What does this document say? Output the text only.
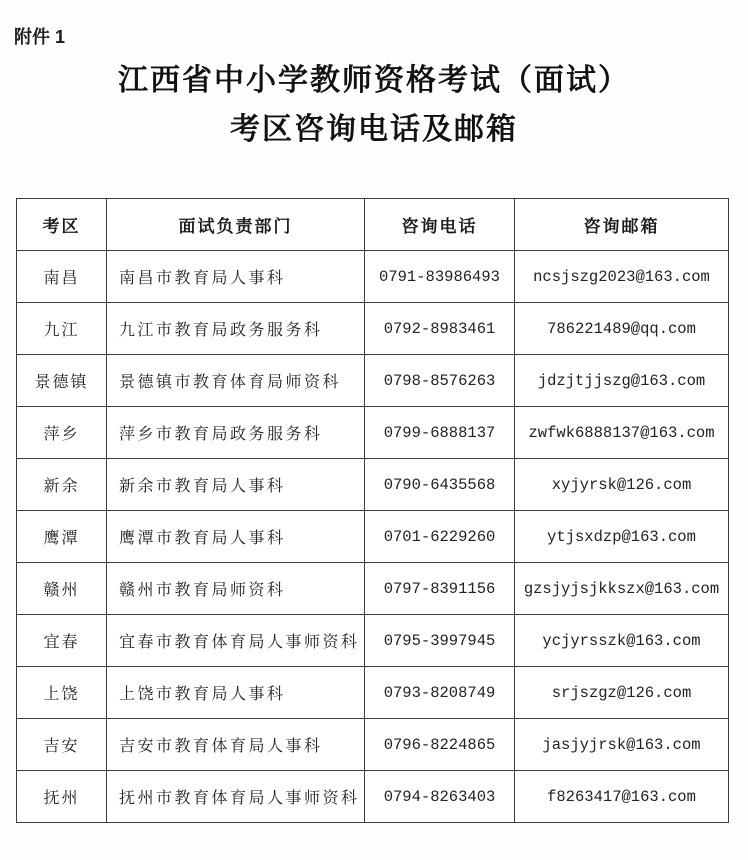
附件 1
江西省中小学教师资格考试（面试）
考区咨询电话及邮箱
考区	面试负责部门	咨询电话	咨询邮箱
南昌	南昌市教育局人事科	0791-83986493	ncsjszg2023@163.com
九江	九江市教育局政务服务科	0792-8983461	786221489@qq.com
景德镇	景德镇市教育体育局师资科	0798-8576263	jdzjtjjszg@163.com
萍乡	萍乡市教育局政务服务科	0799-6888137	zwfwk6888137@163.com
新余	新余市教育局人事科	0790-6435568	xyjyrsk@126.com
鹰潭	鹰潭市教育局人事科	0701-6229260	ytjsxdzp@163.com
赣州	赣州市教育局师资科	0797-8391156	gzsjyjsjkkszx@163.com
宜春	宜春市教育体育局人事师资科	0795-3997945	ycjyrsszk@163.com
上饶	上饶市教育局人事科	0793-8208749	srjszgz@126.com
吉安	吉安市教育体育局人事科	0796-8224865	jasjyjrsk@163.com
抚州	抚州市教育体育局人事师资科	0794-8263403	f8263417@163.com
